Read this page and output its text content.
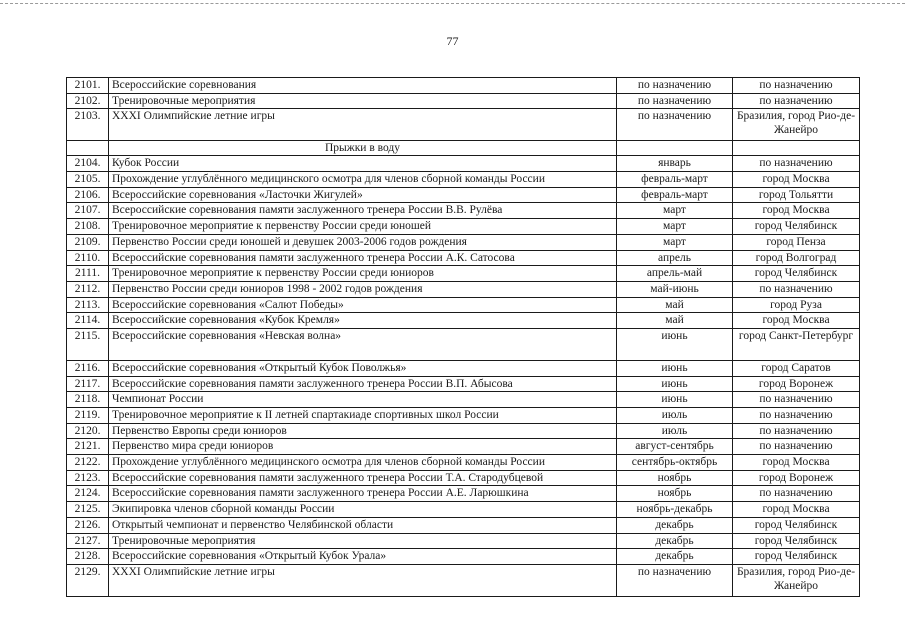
77
2101.	Всероссийские соревнования	по назначению	по назначению
2102.	Тренировочные мероприятия	по назначению	по назначению
2103.	XXXI Олимпийские летние игры	по назначению	Бразилия, город Рио-де-Жанейро
	Прыжки в воду		
2104.	Кубок России	январь	по назначению
2105.	Прохождение углублённого медицинского осмотра для членов сборной команды России	февраль-март	город Москва
2106.	Всероссийские соревнования «Ласточки Жигулей»	февраль-март	город Тольятти
2107.	Всероссийские соревнования памяти заслуженного тренера России В.В. Рулёва	март	город Москва
2108.	Тренировочное мероприятие к первенству России среди юношей	март	город Челябинск
2109.	Первенство России среди юношей и девушек 2003-2006 годов рождения	март	город Пенза
2110.	Всероссийские соревнования памяти заслуженного тренера России А.К. Сатосова	апрель	город Волгоград
2111.	Тренировочное мероприятие к первенству России среди юниоров	апрель-май	город Челябинск
2112.	Первенство России среди юниоров 1998 - 2002 годов рождения	май-июнь	по назначению
2113.	Всероссийские соревнования «Салют Победы»	май	город Руза
2114.	Всероссийские соревнования «Кубок Кремля»	май	город Москва
2115.	Всероссийские соревнования «Невская волна»	июнь	город Санкт-Петербург
2116.	Всероссийские соревнования «Открытый Кубок Поволжья»	июнь	город Саратов
2117.	Всероссийские соревнования памяти заслуженного тренера России В.П. Абысова	июнь	город Воронеж
2118.	Чемпионат России	июнь	по назначению
2119.	Тренировочное мероприятие к II летней спартакиаде спортивных школ России	июль	по назначению
2120.	Первенство Европы среди юниоров	июль	по назначению
2121.	Первенство мира среди юниоров	август-сентябрь	по назначению
2122.	Прохождение углублённого медицинского осмотра для членов сборной команды России	сентябрь-октябрь	город Москва
2123.	Всероссийские соревнования памяти заслуженного тренера России Т.А. Стародубцевой	ноябрь	город Воронеж
2124.	Всероссийские соревнования памяти заслуженного тренера России А.Е. Ларюшкина	ноябрь	по назначению
2125.	Экипировка членов сборной команды России	ноябрь-декабрь	город Москва
2126.	Открытый чемпионат и первенство Челябинской области	декабрь	город Челябинск
2127.	Тренировочные мероприятия	декабрь	город Челябинск
2128.	Всероссийские соревнования «Открытый Кубок Урала»	декабрь	город Челябинск
2129.	XXXI Олимпийские летние игры	по назначению	Бразилия, город Рио-де-Жанейро
